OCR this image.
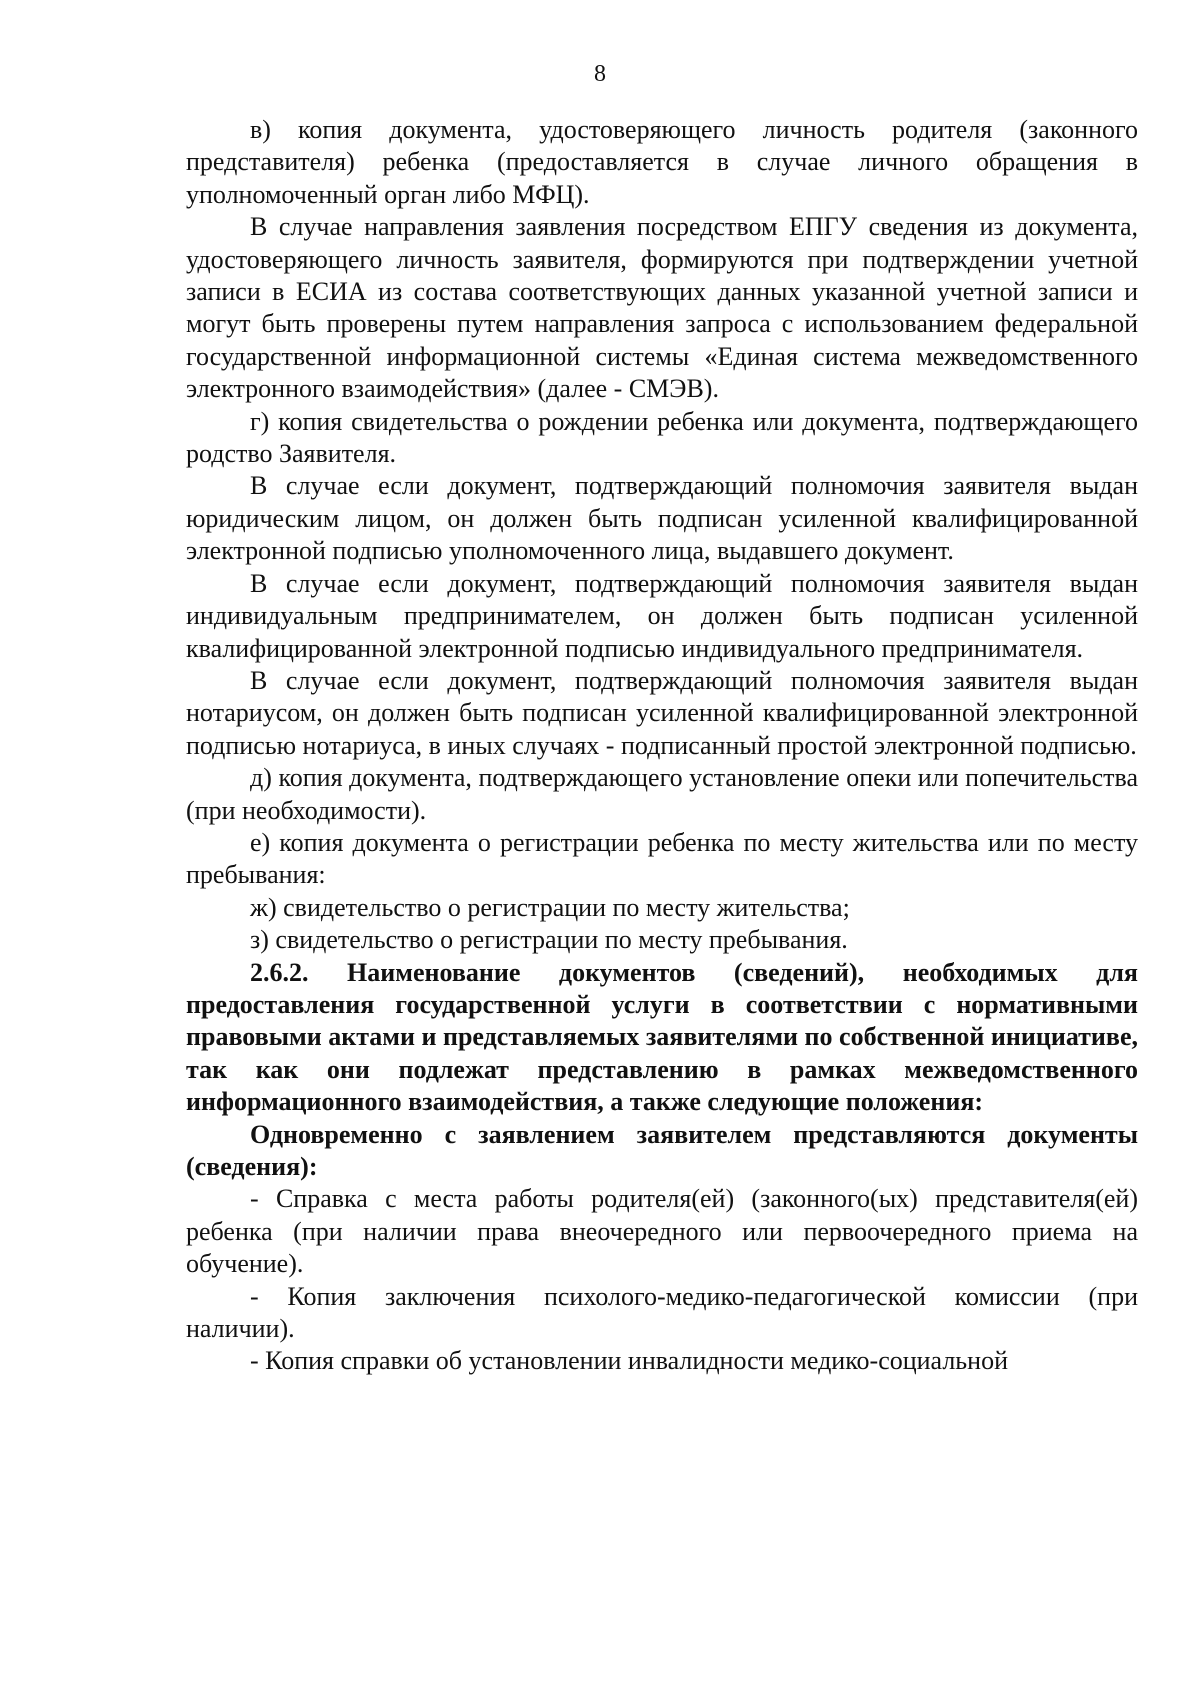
8

в) копия документа, удостоверяющего личность родителя (законного представителя) ребенка (предоставляется в случае личного обращения в уполномоченный орган либо МФЦ).

В случае направления заявления посредством ЕПГУ сведения из документа, удостоверяющего личность заявителя, формируются при подтверждении учетной записи в ЕСИА из состава соответствующих данных указанной учетной записи и могут быть проверены путем направления запроса с использованием федеральной государственной информационной системы «Единая система межведомственного электронного взаимодействия» (далее - СМЭВ).

г) копия свидетельства о рождении ребенка или документа, подтверждающего родство Заявителя.

В случае если документ, подтверждающий полномочия заявителя выдан юридическим лицом, он должен быть подписан усиленной квалифицированной электронной подписью уполномоченного лица, выдавшего документ.

В случае если документ, подтверждающий полномочия заявителя выдан индивидуальным предпринимателем, он должен быть подписан усиленной квалифицированной электронной подписью индивидуального предпринимателя.

В случае если документ, подтверждающий полномочия заявителя выдан нотариусом, он должен быть подписан усиленной квалифицированной электронной подписью нотариуса, в иных случаях - подписанный простой электронной подписью.

д) копия документа, подтверждающего установление опеки или попечительства (при необходимости).

е) копия документа о регистрации ребенка по месту жительства или по месту пребывания:

ж) свидетельство о регистрации по месту жительства;

з) свидетельство о регистрации по месту пребывания.

2.6.2. Наименование документов (сведений), необходимых для предоставления государственной услуги в соответствии с нормативными правовыми актами и представляемых заявителями по собственной инициативе, так как они подлежат представлению в рамках межведомственного информационного взаимодействия, а также следующие положения:

Одновременно с заявлением заявителем представляются документы (сведения):

- Справка с места работы родителя(ей) (законного(ых) представителя(ей) ребенка (при наличии права внеочередного или первоочередного приема на обучение).

- Копия заключения психолого-медико-педагогической комиссии (при наличии).

- Копия справки об установлении инвалидности медико-социальной
